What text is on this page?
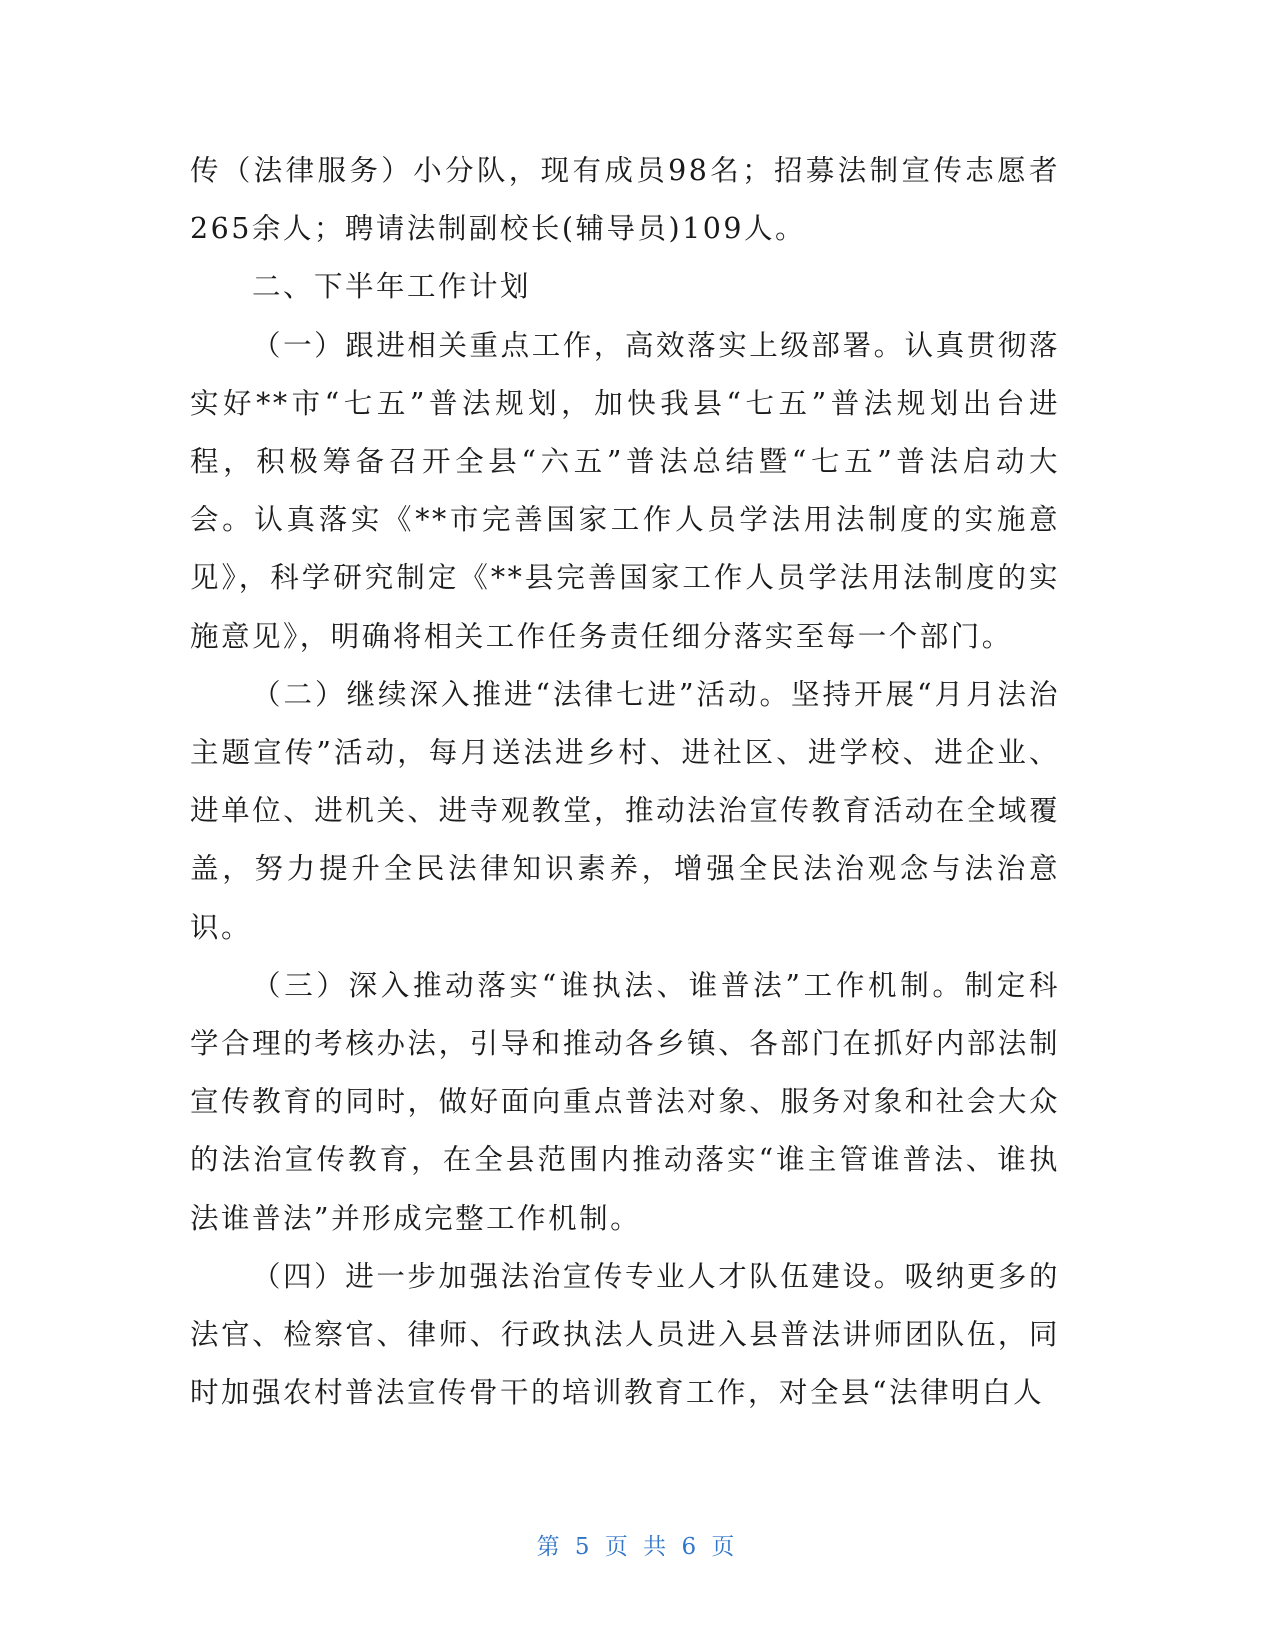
传（法律服务）小分队，现有成员98名；招募法制宣传志愿者265余人；聘请法制副校长(辅导员)109人。

二、下半年工作计划

（一）跟进相关重点工作，高效落实上级部署。认真贯彻落实好**市“七五”普法规划，加快我县“七五”普法规划出台进程，积极筹备召开全县“六五”普法总结暨“七五”普法启动大会。认真落实《**市完善国家工作人员学法用法制度的实施意见》，科学研究制定《**县完善国家工作人员学法用法制度的实施意见》，明确将相关工作任务责任细分落实至每一个部门。

（二）继续深入推进“法律七进”活动。坚持开展“月月法治主题宣传”活动，每月送法进乡村、进社区、进学校、进企业、进单位、进机关、进寺观教堂，推动法治宣传教育活动在全域覆盖，努力提升全民法律知识素养，增强全民法治观念与法治意识。

（三）深入推动落实“谁执法、谁普法”工作机制。制定科学合理的考核办法，引导和推动各乡镇、各部门在抓好内部法制宣传教育的同时，做好面向重点普法对象、服务对象和社会大众的法治宣传教育，在全县范围内推动落实“谁主管谁普法、谁执法谁普法”并形成完整工作机制。

（四）进一步加强法治宣传专业人才队伍建设。吸纳更多的法官、检察官、律师、行政执法人员进入县普法讲师团队伍，同时加强农村普法宣传骨干的培训教育工作，对全县“法律明白人

第 5 页 共 6 页
